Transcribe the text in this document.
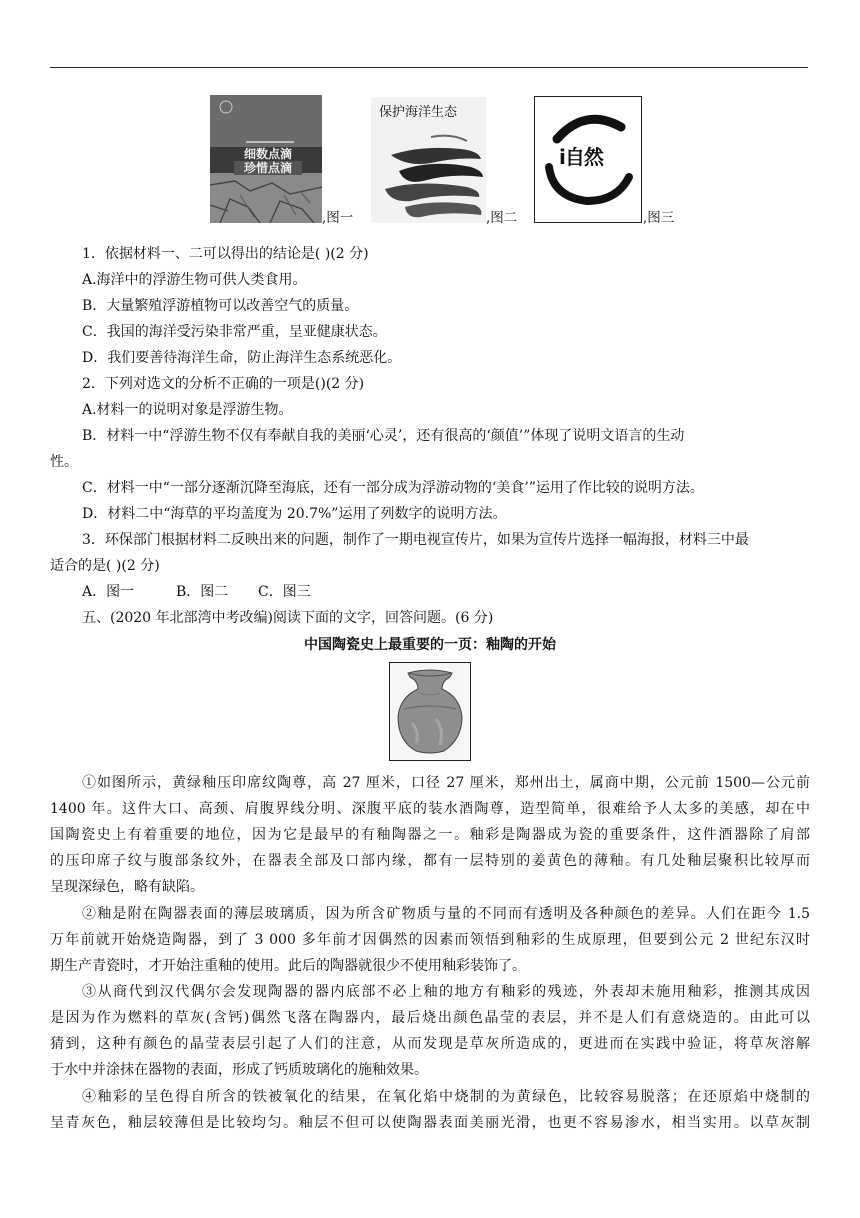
细数点滴
珍惜点滴
,图一
保护海洋生态
,图二
i自然
,图三
1．依据材料一、二可以得出的结论是( )(2 分)
A.海洋中的浮游生物可供人类食用。
B．大量繁殖浮游植物可以改善空气的质量。
C．我国的海洋受污染非常严重，呈亚健康状态。
D．我们要善待海洋生命，防止海洋生态系统恶化。
2．下列对选文的分析不正确的一项是()(2 分)
A.材料一的说明对象是浮游生物。
B．材料一中“浮游生物不仅有奉献自我的美丽‘心灵’，还有很高的‘颜值’”体现了说明文语言的生动
性。
C．材料一中“一部分逐渐沉降至海底，还有一部分成为浮游动物的‘美食’”运用了作比较的说明方法。
D．材料二中“海草的平均盖度为 20.7%”运用了列数字的说明方法。
3．环保部门根据材料二反映出来的问题，制作了一期电视宣传片，如果为宣传片选择一幅海报，材料三中最
适合的是( )(2 分)
A．图一	B．图二 C．图三
五、(2020 年北部湾中考改编)阅读下面的文字，回答问题。(6 分)
中国陶瓷史上最重要的一页：釉陶的开始
①如图所示，黄绿釉压印席纹陶尊，高 27 厘米，口径 27 厘米，郑州出土，属商中期，公元前 1500—公元前
1400 年。这件大口、高颈、肩腹界线分明、深腹平底的装水酒陶尊，造型简单，很难给予人太多的美感，却在中
国陶瓷史上有着重要的地位，因为它是最早的有釉陶器之一。釉彩是陶器成为瓷的重要条件，这件酒器除了肩部
的压印席子纹与腹部条纹外，在器表全部及口部内缘，都有一层特别的姜黄色的薄釉。有几处釉层聚积比较厚而
呈现深绿色，略有缺陷。
②釉是附在陶器表面的薄层玻璃质，因为所含矿物质与量的不同而有透明及各种颜色的差异。人们在距今 1.5
万年前就开始烧造陶器，到了 3 000 多年前才因偶然的因素而领悟到釉彩的生成原理，但要到公元 2 世纪东汉时
期生产青瓷时，才开始注重釉的使用。此后的陶器就很少不使用釉彩装饰了。
③从商代到汉代偶尔会发现陶器的器内底部不必上釉的地方有釉彩的残迹，外表却未施用釉彩，推测其成因
是因为作为燃料的草灰(含钙)偶然飞落在陶器内，最后烧出颜色晶莹的表层，并不是人们有意烧造的。由此可以
猜到，这种有颜色的晶莹表层引起了人们的注意，从而发现是草灰所造成的，更进而在实践中验证，将草灰溶解
于水中并涂抹在器物的表面，形成了钙质玻璃化的施釉效果。
④釉彩的呈色得自所含的铁被氧化的结果，在氧化焰中烧制的为黄绿色，比较容易脱落；在还原焰中烧制的
呈青灰色，釉层较薄但是比较均匀。釉层不但可以使陶器表面美丽光滑，也更不容易渗水，相当实用。以草灰制
